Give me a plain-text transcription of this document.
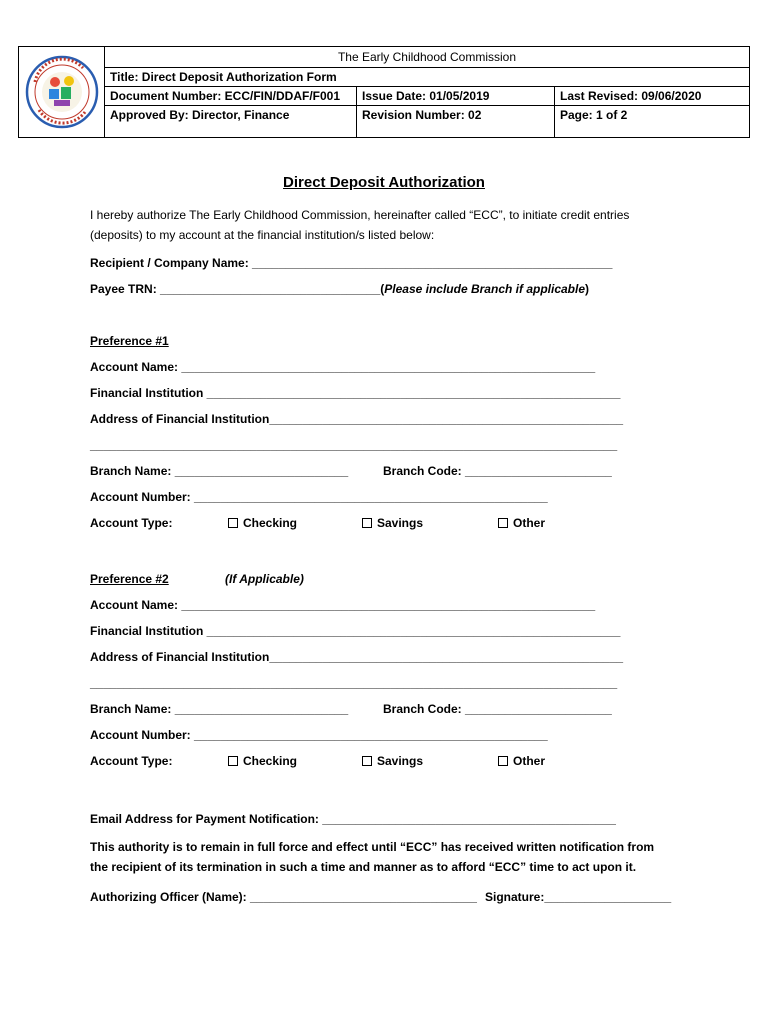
The Early Childhood Commission
Title: Direct Deposit Authorization Form
Document Number: ECC/FIN/DDAF/F001	Issue Date: 01/05/2019	Last Revised: 09/06/2020
Approved By: Director, Finance	Revision Number: 02	Page: 1 of 2
Direct Deposit Authorization
I hereby authorize The Early Childhood Commission, hereinafter called “ECC”, to initiate credit entries
(deposits) to my account at the financial institution/s listed below:
Recipient / Company Name: ______________________________________________________
Payee TRN: _________________________________(Please include Branch if applicable)
Preference #1
Account Name: ______________________________________________________________
Financial Institution ______________________________________________________________
Address of Financial Institution_____________________________________________________
_______________________________________________________________________________
Branch Name: __________________________	Branch Code: ______________________
Account Number: _____________________________________________________
Account Type:	Checking	Savings	Other
Preference #2	(If Applicable)
Account Name: ______________________________________________________________
Financial Institution ______________________________________________________________
Address of Financial Institution_____________________________________________________
_______________________________________________________________________________
Branch Name: __________________________	Branch Code: ______________________
Account Number: _____________________________________________________
Account Type:	Checking	Savings	Other
Email Address for Payment Notification: ____________________________________________
This authority is to remain in full force and effect until “ECC” has received written notification from
the recipient of its termination in such a time and manner as to afford “ECC” time to act upon it.
Authorizing Officer (Name): __________________________________ Signature:___________________
